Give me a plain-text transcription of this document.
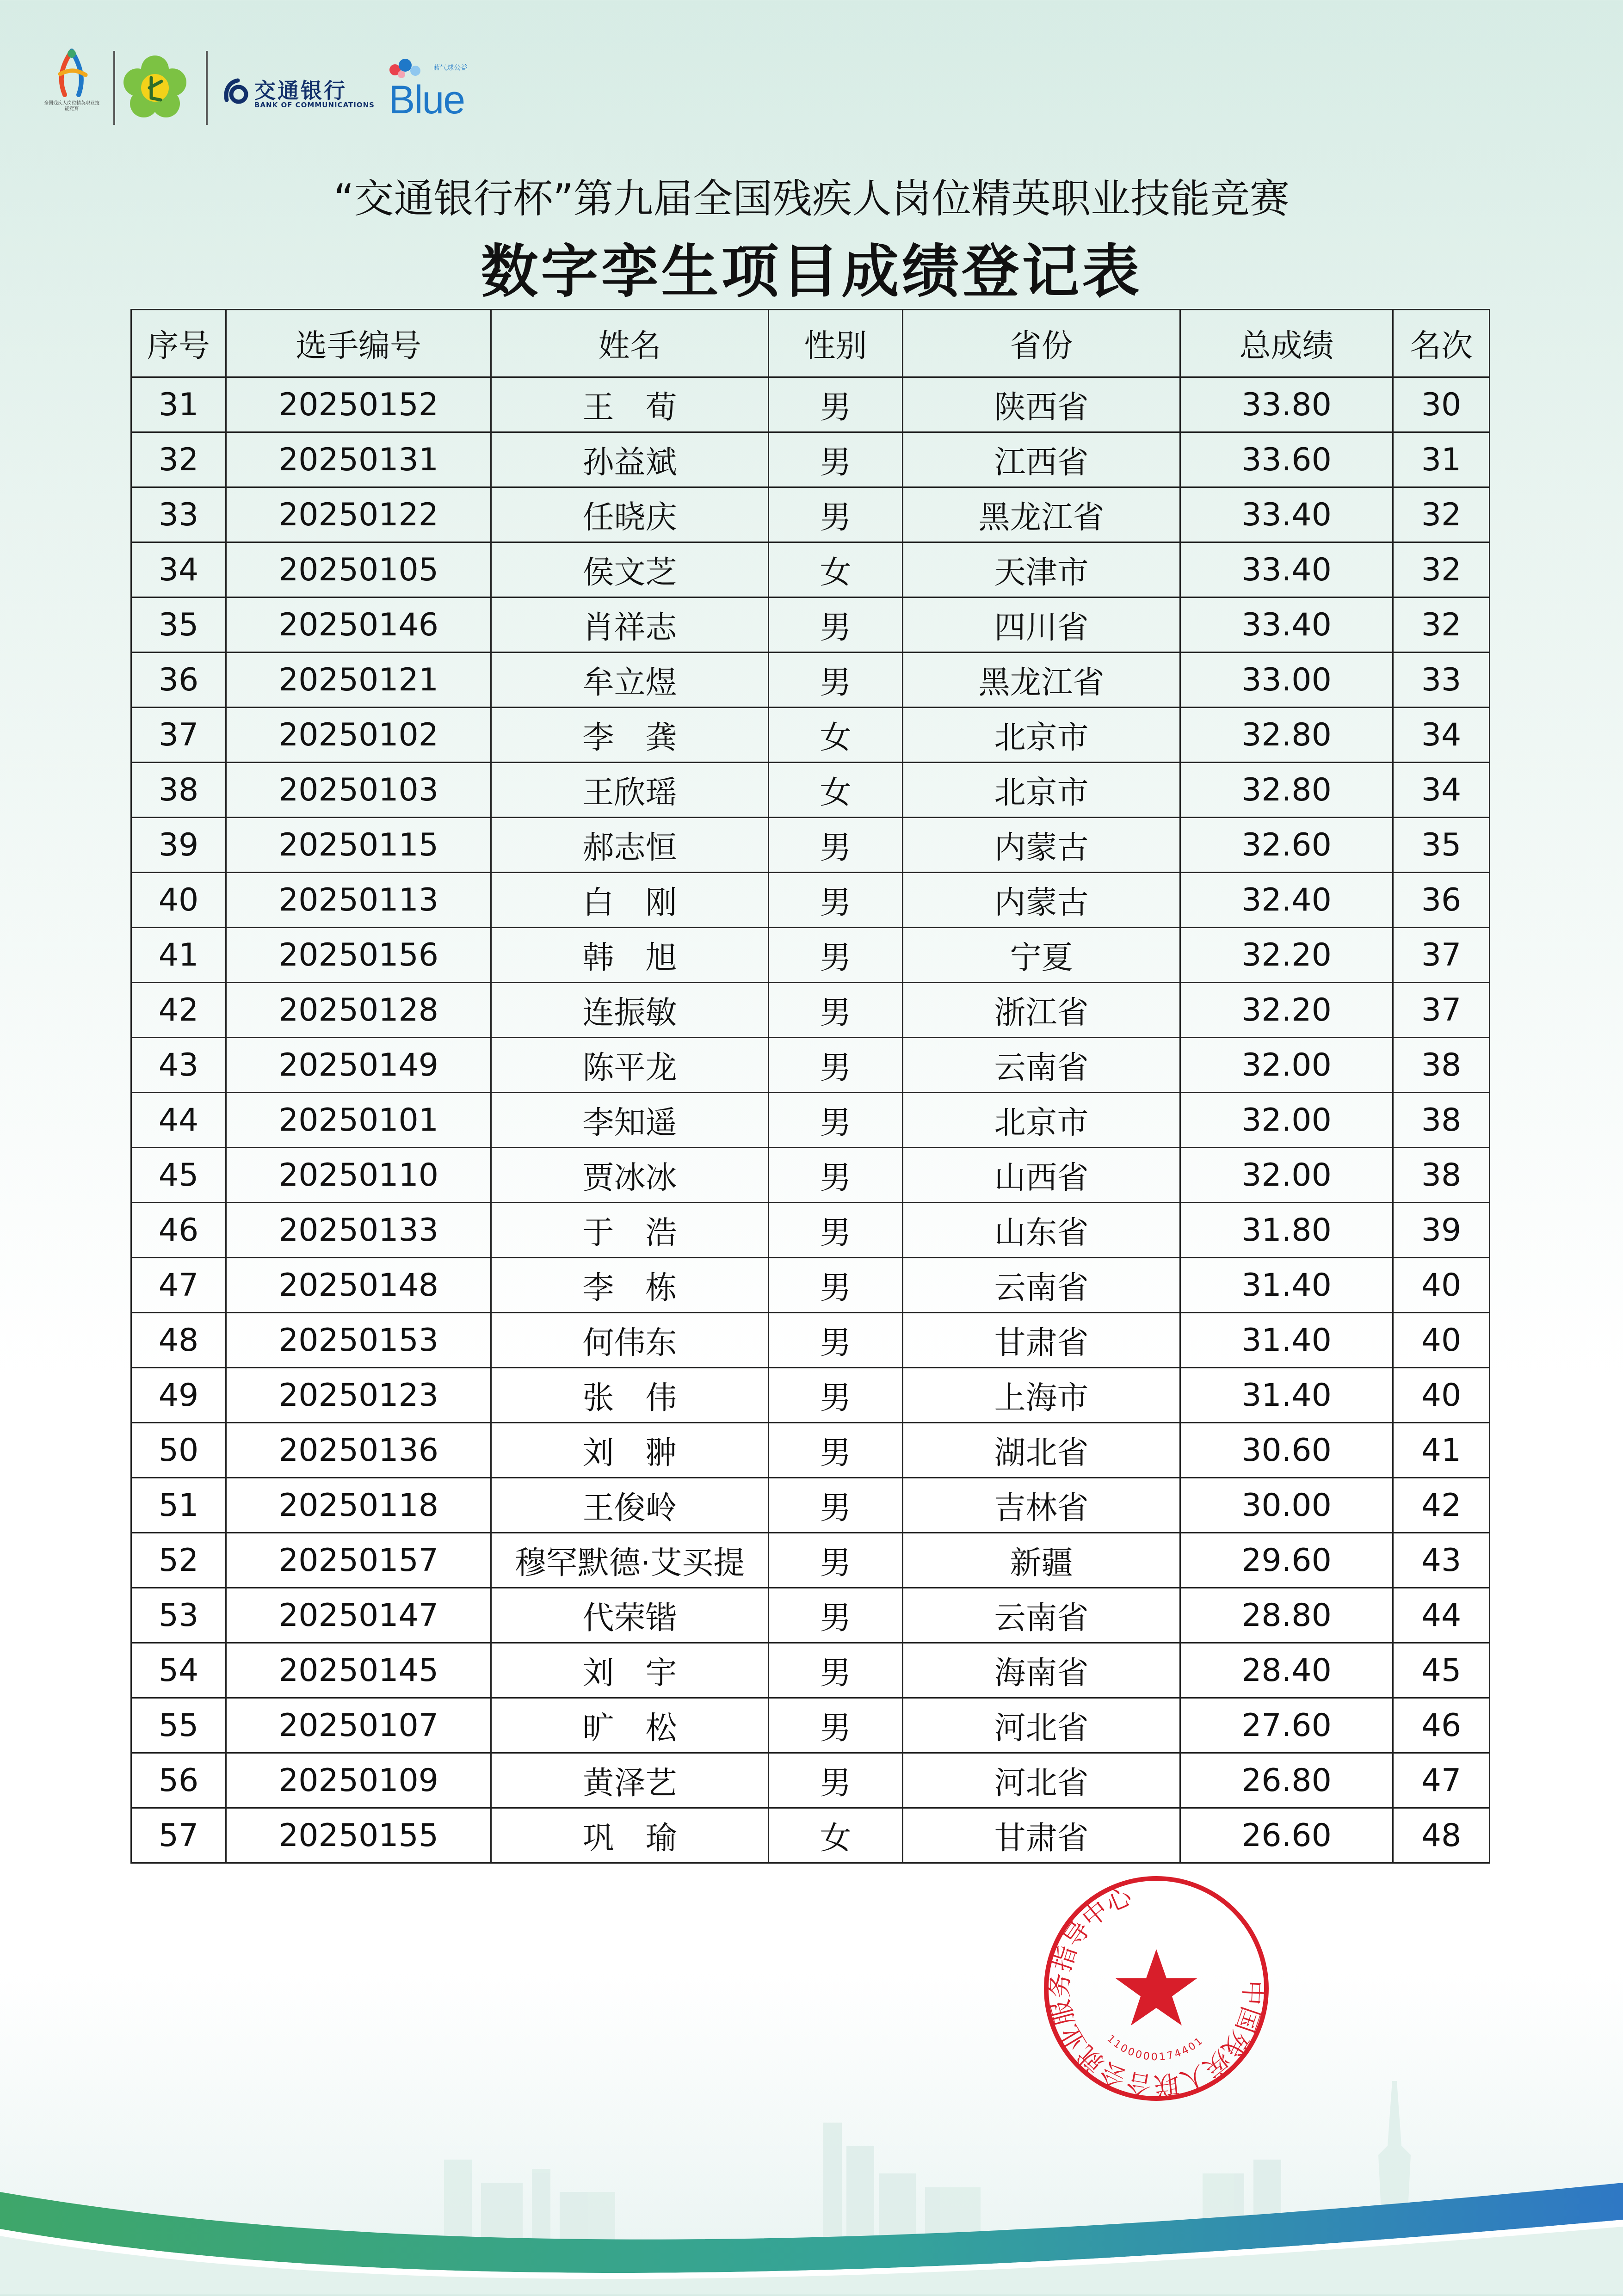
全国残疾人岗位精英职业技能竞赛
交通银行
BANK OF COMMUNICATIONS
蓝气球公益
Blue
“交通银行杯”第九届全国残疾人岗位精英职业技能竞赛
数字孪生项目成绩登记表
序号	选手编号	姓名	性别	省份	总成绩	名次
31	20250152	王　荀	男	陕西省	33.80	30
32	20250131	孙益斌	男	江西省	33.60	31
33	20250122	任晓庆	男	黑龙江省	33.40	32
34	20250105	侯文芝	女	天津市	33.40	32
35	20250146	肖祥志	男	四川省	33.40	32
36	20250121	牟立煜	男	黑龙江省	33.00	33
37	20250102	李　龚	女	北京市	32.80	34
38	20250103	王欣瑶	女	北京市	32.80	34
39	20250115	郝志恒	男	内蒙古	32.60	35
40	20250113	白　刚	男	内蒙古	32.40	36
41	20250156	韩　旭	男	宁夏	32.20	37
42	20250128	连振敏	男	浙江省	32.20	37
43	20250149	陈平龙	男	云南省	32.00	38
44	20250101	李知遥	男	北京市	32.00	38
45	20250110	贾冰冰	男	山西省	32.00	38
46	20250133	于　浩	男	山东省	31.80	39
47	20250148	李　栋	男	云南省	31.40	40
48	20250153	何伟东	男	甘肃省	31.40	40
49	20250123	张　伟	男	上海市	31.40	40
50	20250136	刘　翀	男	湖北省	30.60	41
51	20250118	王俊岭	男	吉林省	30.00	42
52	20250157	穆罕默德·艾买提	男	新疆	29.60	43
53	20250147	代荣锴	男	云南省	28.80	44
54	20250145	刘　宇	男	海南省	28.40	45
55	20250107	旷　松	男	河北省	27.60	46
56	20250109	黄泽艺	男	河北省	26.80	47
57	20250155	巩　瑜	女	甘肃省	26.60	48
中国残疾人联合会就业服务指导中心
1100000174401
